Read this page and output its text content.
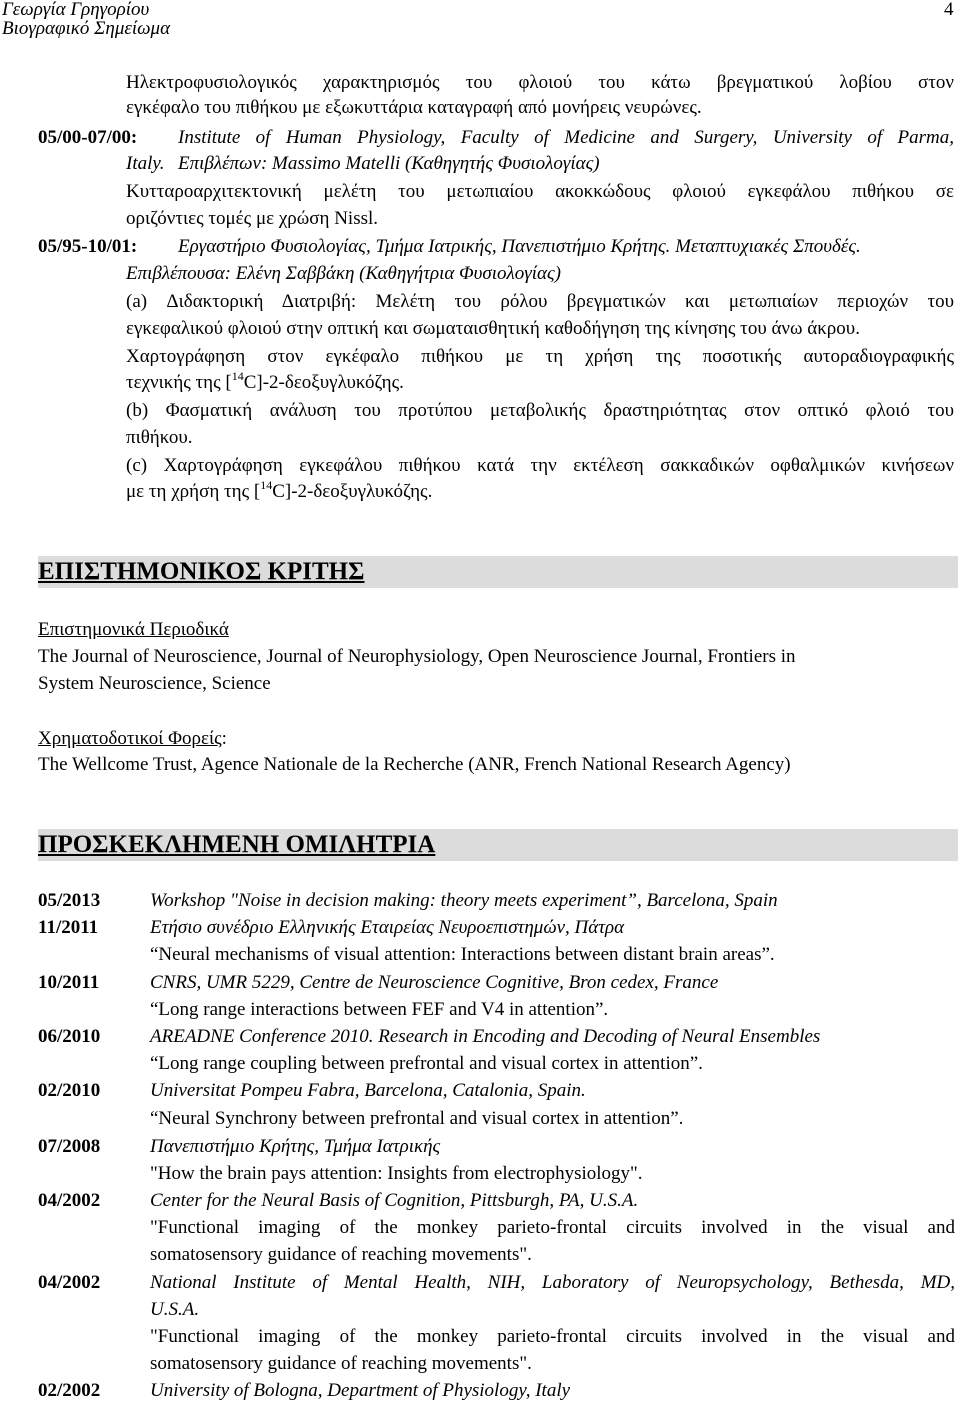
Γεωργία Γρηγορίου
Βιογραφικό Σημείωμα
4
Ηλεκτροφυσιολογικός χαρακτηρισμός του φλοιού του κάτω βρεγματικού λοβίου στον
εγκέφαλο του πιθήκου με εξωκυττάρια καταγραφή από μονήρεις νευρώνες.
05/00-07/00: Institute of Human Physiology, Faculty of Medicine and Surgery, University of Parma,
Italy. Επιβλέπων: Massimo Matelli (Καθηγητής Φυσιολογίας)
Κυτταροαρχιτεκτονική μελέτη του μετωπιαίου ακοκκώδους φλοιού εγκεφάλου πιθήκου σε
οριζόντιες τομές με χρώση Nissl.
05/95-10/01: Εργαστήριο Φυσιολογίας, Τμήμα Ιατρικής, Πανεπιστήμιο Κρήτης. Μεταπτυχιακές Σπουδές.
Επιβλέπουσα: Ελένη Σαββάκη (Καθηγήτρια Φυσιολογίας)
(a) Διδακτορική Διατριβή: Μελέτη του ρόλου βρεγματικών και μετωπιαίων περιοχών του
εγκεφαλικού φλοιού στην οπτική και σωματαισθητική καθοδήγηση της κίνησης του άνω άκρου.
Χαρτογράφηση στον εγκέφαλο πιθήκου με τη χρήση της ποσοτικής αυτοραδιογραφικής
τεχνικής της [$^{14}$C]-2-δεοξυγλυκόζης.
(b) Φασματική ανάλυση του προτύπου μεταβολικής δραστηριότητας στον οπτικό φλοιό του
πιθήκου.
(c) Χαρτογράφηση εγκεφάλου πιθήκου κατά την εκτέλεση σακκαδικών οφθαλμικών κινήσεων
με τη χρήση της [$^{14}$C]-2-δεοξυγλυκόζης.
ΕΠΙΣΤΗΜΟΝΙΚΟΣ ΚΡΙΤΗΣ
Επιστημονικά Περιοδικά
The Journal of Neuroscience, Journal of Neurophysiology, Open Neuroscience Journal, Frontiers in
System Neuroscience, Science
Χρηματοδοτικοί Φορείς:
The Wellcome Trust, Agence Nationale de la Recherche (ANR, French National Research Agency)
ΠΡΟΣΚΕΚΛΗΜΕΝΗ ΟΜΙΛΗΤΡΙΑ
05/2013	Workshop "Noise in decision making: theory meets experiment”, Barcelona, Spain
11/2011	Ετήσιο συνέδριο Ελληνικής Εταιρείας Νευροεπιστημών, Πάτρα
“Neural mechanisms of visual attention: Interactions between distant brain areas”.
10/2011	CNRS, UMR 5229, Centre de Neuroscience Cognitive, Bron cedex, France
“Long range interactions between FEF and V4 in attention”.
06/2010	AREADNE Conference 2010. Research in Encoding and Decoding of Neural Ensembles
“Long range coupling between prefrontal and visual cortex in attention”.
02/2010	Universitat Pompeu Fabra, Barcelona, Catalonia, Spain.
“Neural Synchrony between prefrontal and visual cortex in attention”.
07/2008	Πανεπιστήμιο Κρήτης, Τμήμα Ιατρικής
"How the brain pays attention: Insights from electrophysiology".
04/2002	Center for the Neural Basis of Cognition, Pittsburgh, PA, U.S.A.
"Functional imaging of the monkey parieto-frontal circuits involved in the visual and
somatosensory guidance of reaching movements".
04/2002	National Institute of Mental Health, NIH, Laboratory of Neuropsychology, Bethesda, MD,
U.S.A.
"Functional imaging of the monkey parieto-frontal circuits involved in the visual and
somatosensory guidance of reaching movements".
02/2002	University of Bologna, Department of Physiology, Italy
